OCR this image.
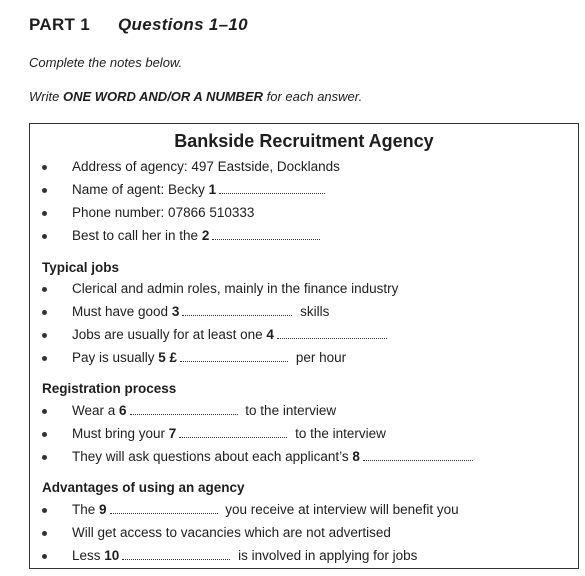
PART 1 Questions 1–10
Complete the notes below.
Write ONE WORD AND/OR A NUMBER for each answer.
Bankside Recruitment Agency
Address of agency: 497 Eastside, Docklands
Name of agent: Becky 1
Phone number: 07866 510333
Best to call her in the 2
Typical jobs
Clerical and admin roles, mainly in the finance industry
Must have good 3	skills
Jobs are usually for at least one 4
Pay is usually 5 £	per hour
Registration process
Wear a 6	to the interview
Must bring your 7	to the interview
They will ask questions about each applicant’s 8
Advantages of using an agency
The 9	you receive at interview will benefit you
Will get access to vacancies which are not advertised
Less 10	is involved in applying for jobs
